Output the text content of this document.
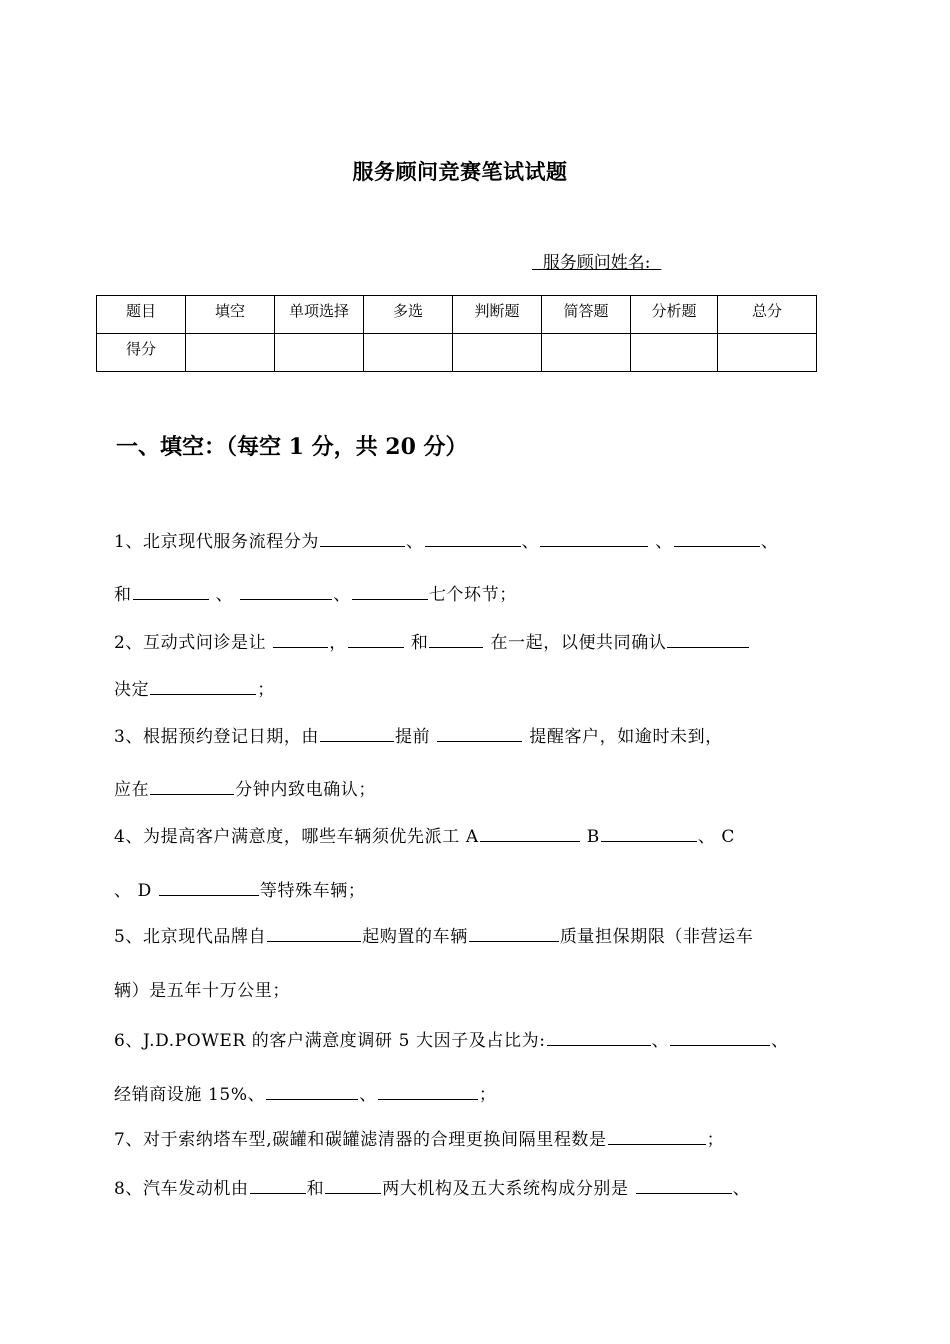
服务顾问竞赛笔试试题
服务顾问姓名:
题目	填空	单项选择	多选	判断题	简答题	分析题	总分
得分							
一、填空：（每空 1 分，共 20 分）
1、北京现代服务流程分为	、	、	、	、
和	、	、	七个环节；
2、互动式问诊是让	，	和	在一起，以便共同确认
决定	；
3、根据预约登记日期，由	提前	提醒客户，如逾时未到，
应在	分钟内致电确认；
4、为提高客户满意度，哪些车辆须优先派工 A	B	、 C
、 D	等特殊车辆；
5、北京现代品牌自	起购置的车辆	质量担保期限（非营运车
辆）是五年十万公里；
6、J.D.POWER 的客户满意度调研 5 大因子及占比为:	、	、
经销商设施 15%、	、	；
7、对于索纳塔车型,碳罐和碳罐滤清器的合理更换间隔里程数是	；
8、汽车发动机由	和	两大机构及五大系统构成分别是	、
